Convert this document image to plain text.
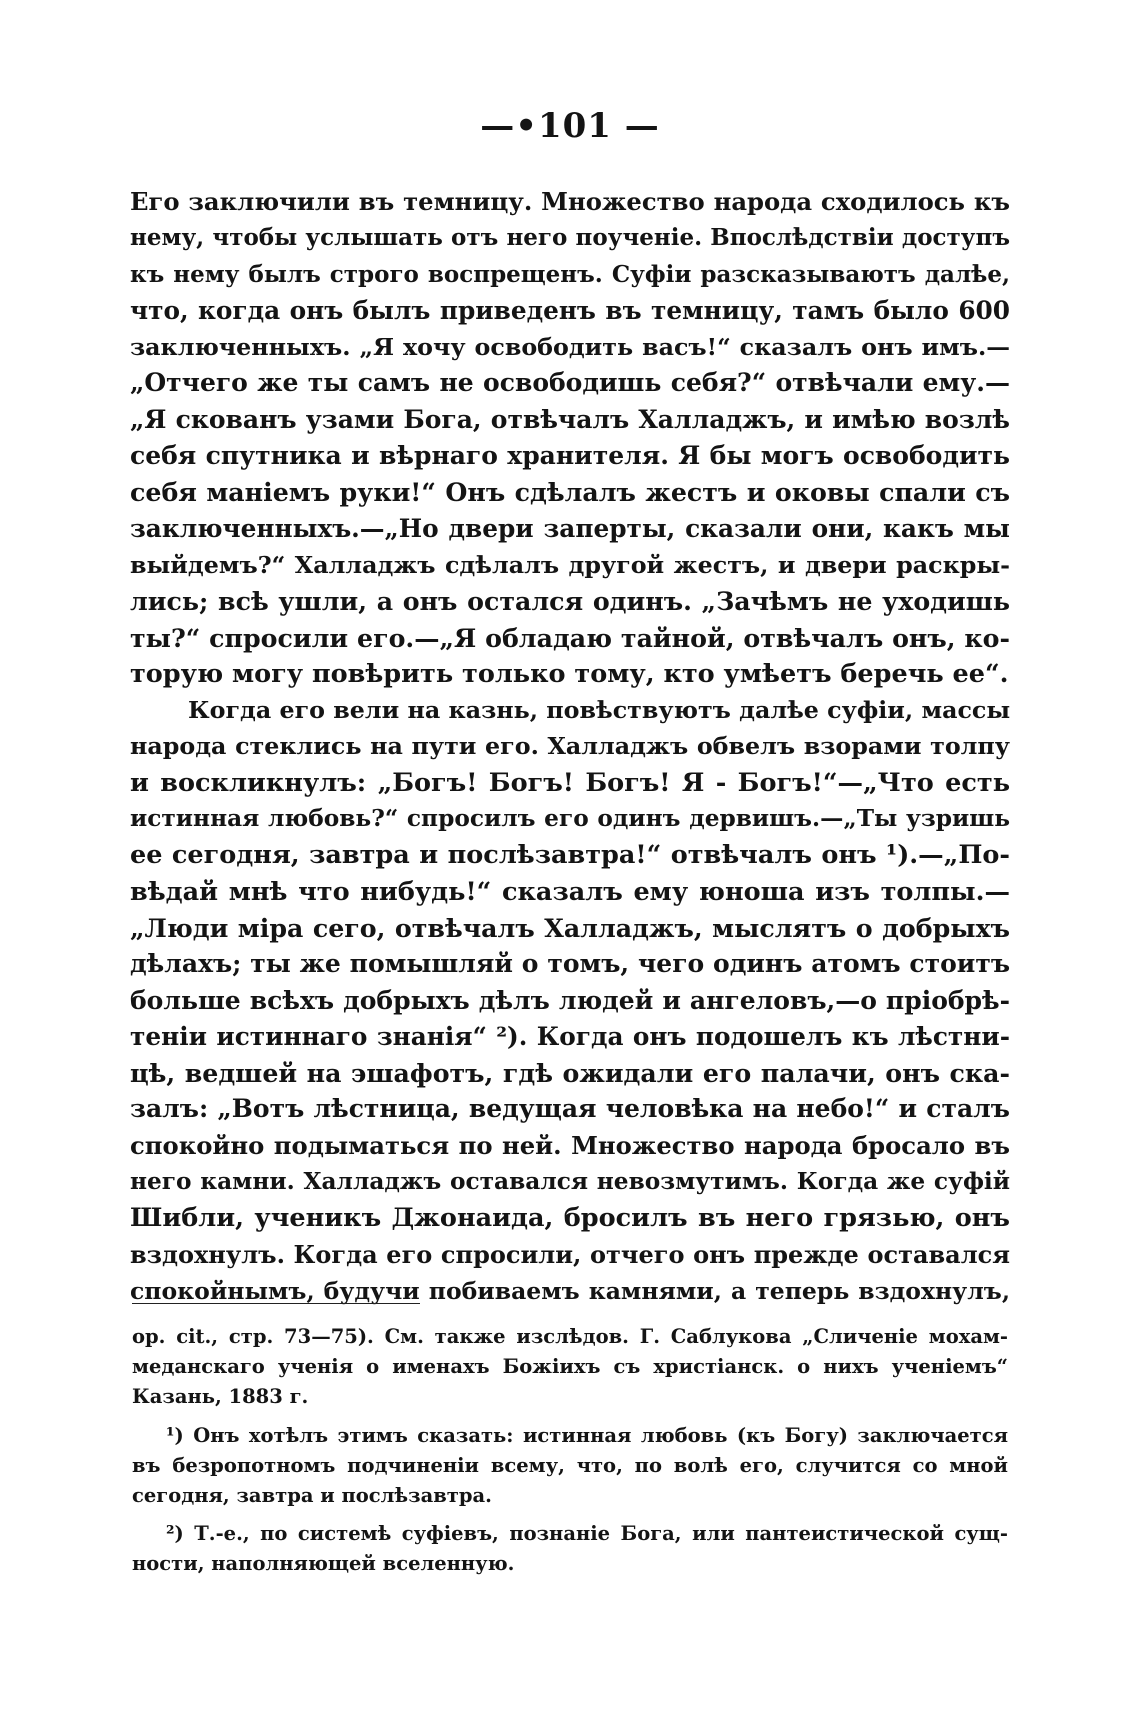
—•101 —
Его заключили въ темницу. Множество народа сходилось къ
нему, чтобы услышать отъ него поученіе. Впослѣдствіи доступъ
къ нему былъ строго воспрещенъ. Суфіи разсказываютъ далѣе,
что, когда онъ былъ приведенъ въ темницу, тамъ было 600
заключенныхъ. „Я хочу освободить васъ!“ сказалъ онъ имъ.—
„Отчего же ты самъ не освободишь себя?“ отвѣчали ему.—
„Я скованъ узами Бога, отвѣчалъ Халладжъ, и имѣю возлѣ
себя спутника и вѣрнаго хранителя. Я бы могъ освободить
себя маніемъ руки!“ Онъ сдѣлалъ жестъ и оковы спали съ
заключенныхъ.—„Но двери заперты, сказали они, какъ мы
выйдемъ?“ Халладжъ сдѣлалъ другой жестъ, и двери раскры-
лись; всѣ ушли, а онъ остался одинъ. „Зачѣмъ не уходишь
ты?“ спросили его.—„Я обладаю тайной, отвѣчалъ онъ, ко-
торую могу повѣрить только тому, кто умѣетъ беречь ее“.
Когда его вели на казнь, повѣствуютъ далѣе суфіи, массы
народа стеклись на пути его. Халладжъ обвелъ взорами толпу
и воскликнулъ: „Богъ! Богъ! Богъ! Я - Богъ!“—„Что есть
истинная любовь?“ спросилъ его одинъ дервишъ.—„Ты узришь
ее сегодня, завтра и послѣзавтра!“ отвѣчалъ онъ ¹).—„По-
вѣдай мнѣ что нибудь!“ сказалъ ему юноша изъ толпы.—
„Люди міра сего, отвѣчалъ Халладжъ, мыслятъ о добрыхъ
дѣлахъ; ты же помышляй о томъ, чего одинъ атомъ стоитъ
больше всѣхъ добрыхъ дѣлъ людей и ангеловъ,—о пріобрѣ-
теніи истиннаго знанія“ ²). Когда онъ подошелъ къ лѣстни-
цѣ, ведшей на эшафотъ, гдѣ ожидали его палачи, онъ ска-
залъ: „Вотъ лѣстница, ведущая человѣка на небо!“ и сталъ
спокойно подыматься по ней. Множество народа бросало въ
него камни. Халладжъ оставался невозмутимъ. Когда же суфій
Шибли, ученикъ Джонаида, бросилъ въ него грязью, онъ
вздохнулъ. Когда его спросили, отчего онъ прежде оставался
спокойнымъ, будучи побиваемъ камнями, а теперь вздохнулъ,
op. cit., стр. 73—75). См. также изслѣдов. Г. Саблукова „Сличеніе мохам-
меданскаго ученія о именахъ Божіихъ съ христіанск. о нихъ ученіемъ“
Казань, 1883 г.
¹) Онъ хотѣлъ этимъ сказать: истинная любовь (къ Богу) заключается
въ безропотномъ подчиненіи всему, что, по волѣ его, случится со мной
сегодня, завтра и послѣзавтра.
²) Т.-е., по системѣ суфіевъ, познаніе Бога, или пантеистической сущ-
ности, наполняющей вселенную.
